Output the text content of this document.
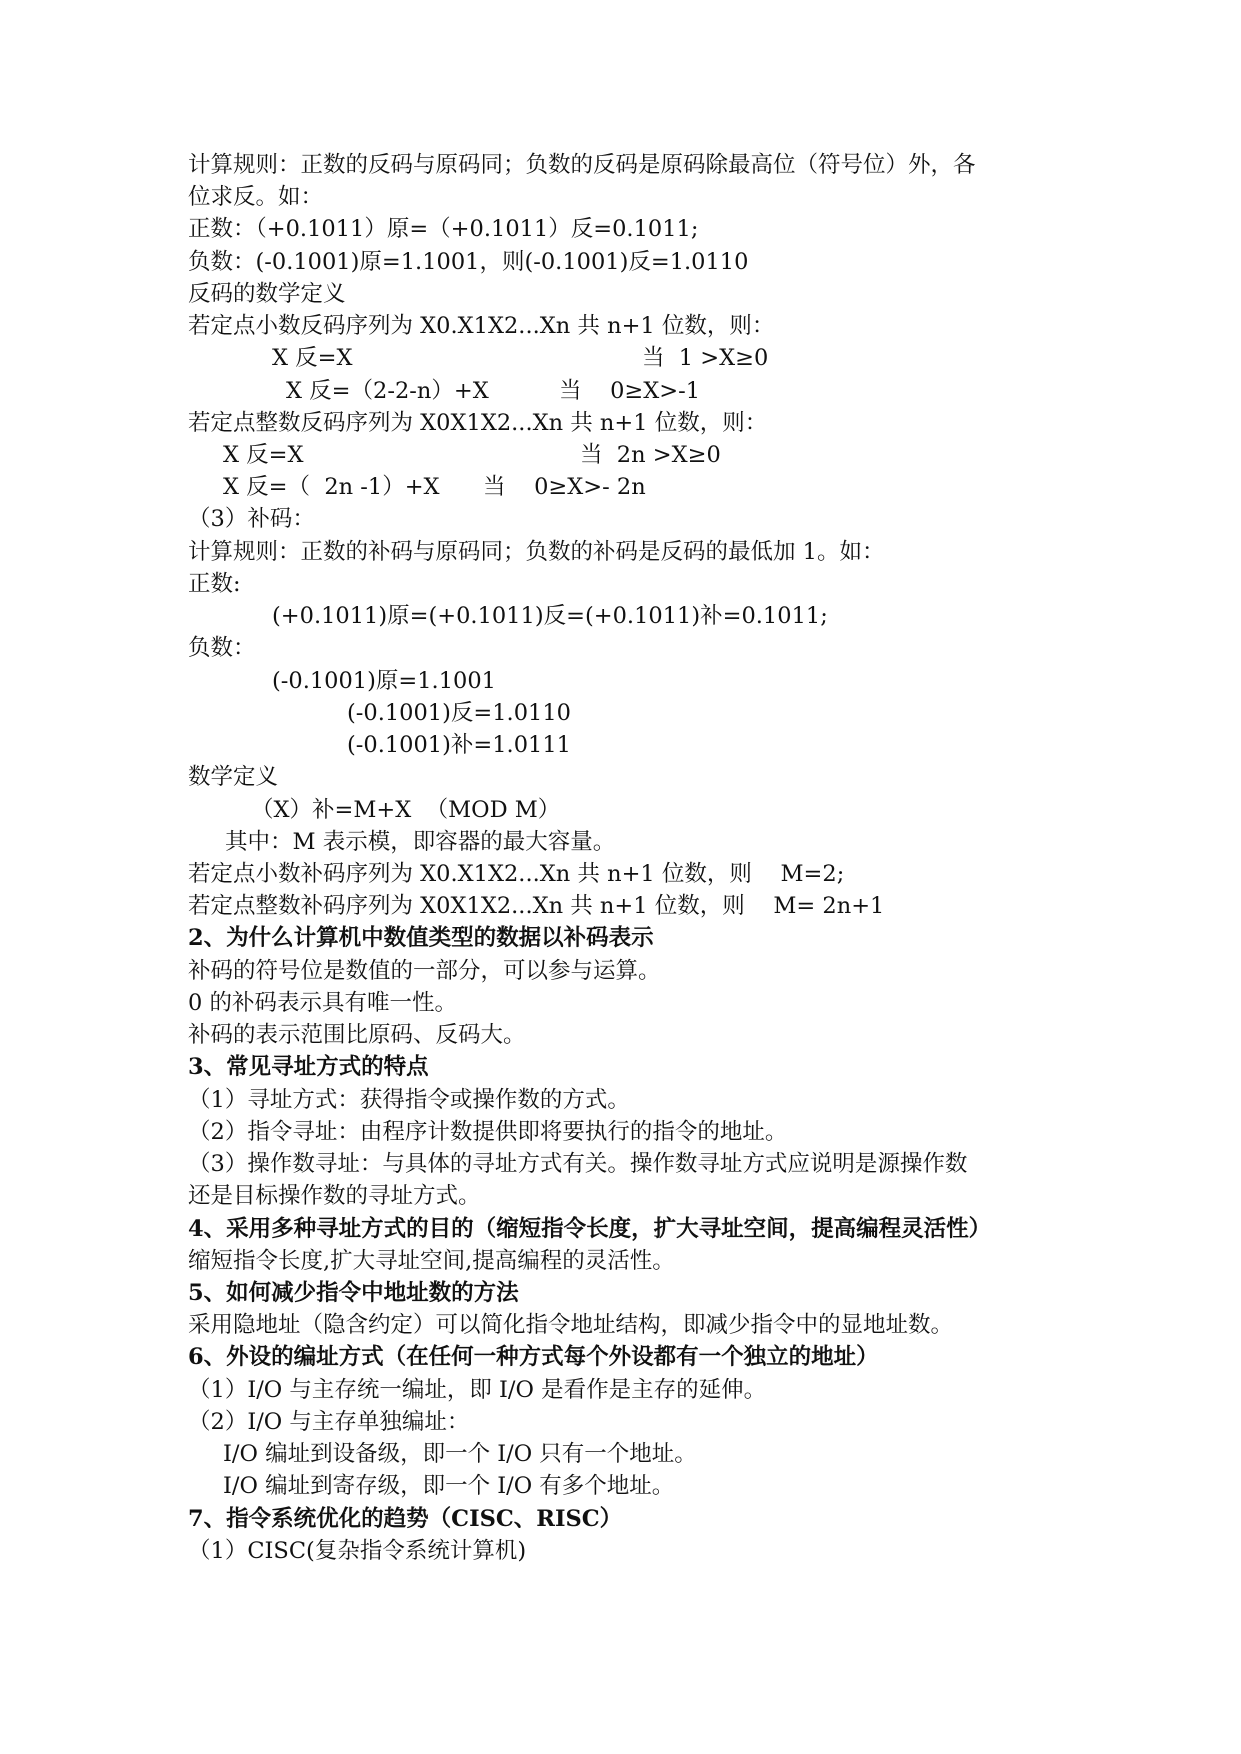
计算规则：正数的反码与原码同；负数的反码是原码除最高位（符号位）外，各
位求反。如：
正数：（+0.1011）原=（+0.1011）反=0.1011;
负数：(-0.1001)原=1.1001，则(-0.1001)反=1.0110
反码的数学定义
若定点小数反码序列为 X0.X1X2...Xn 共 n+1 位数，则：
X 反=X	当  1 >X≥0
X 反=（2-2-n）+X	当    0≥X>-1
若定点整数反码序列为 X0X1X2...Xn 共 n+1 位数，则：
X 反=X	当  2n >X≥0
X 反=（  2n -1）+X 当    0≥X>- 2n
（3）补码：
计算规则：正数的补码与原码同；负数的补码是反码的最低加 1。如：
正数:
(+0.1011)原=(+0.1011)反=(+0.1011)补=0.1011;
负数：
(-0.1001)原=1.1001
(-0.1001)反=1.0110
(-0.1001)补=1.0111
数学定义
（X）补=M+X  （MOD M）
其中：M 表示模，即容器的最大容量。
若定点小数补码序列为 X0.X1X2...Xn 共 n+1 位数，则    M=2;
若定点整数补码序列为 X0X1X2...Xn 共 n+1 位数，则    M= 2n+1
2、为什么计算机中数值类型的数据以补码表示
补码的符号位是数值的一部分，可以参与运算。
0 的补码表示具有唯一性。
补码的表示范围比原码、反码大。
3、常见寻址方式的特点
（1）寻址方式：获得指令或操作数的方式。
（2）指令寻址：由程序计数提供即将要执行的指令的地址。
（3）操作数寻址：与具体的寻址方式有关。操作数寻址方式应说明是源操作数
还是目标操作数的寻址方式。
4、采用多种寻址方式的目的（缩短指令长度，扩大寻址空间，提高编程灵活性）
缩短指令长度,扩大寻址空间,提高编程的灵活性。
5、如何减少指令中地址数的方法
采用隐地址（隐含约定）可以简化指令地址结构，即减少指令中的显地址数。
6、外设的编址方式（在任何一种方式每个外设都有一个独立的地址）
（1）I/O 与主存统一编址，即 I/O 是看作是主存的延伸。
（2）I/O 与主存单独编址：
I/O 编址到设备级，即一个 I/O 只有一个地址。
I/O 编址到寄存级，即一个 I/O 有多个地址。
7、指令系统优化的趋势（CISC、RISC）
（1）CISC(复杂指令系统计算机)
